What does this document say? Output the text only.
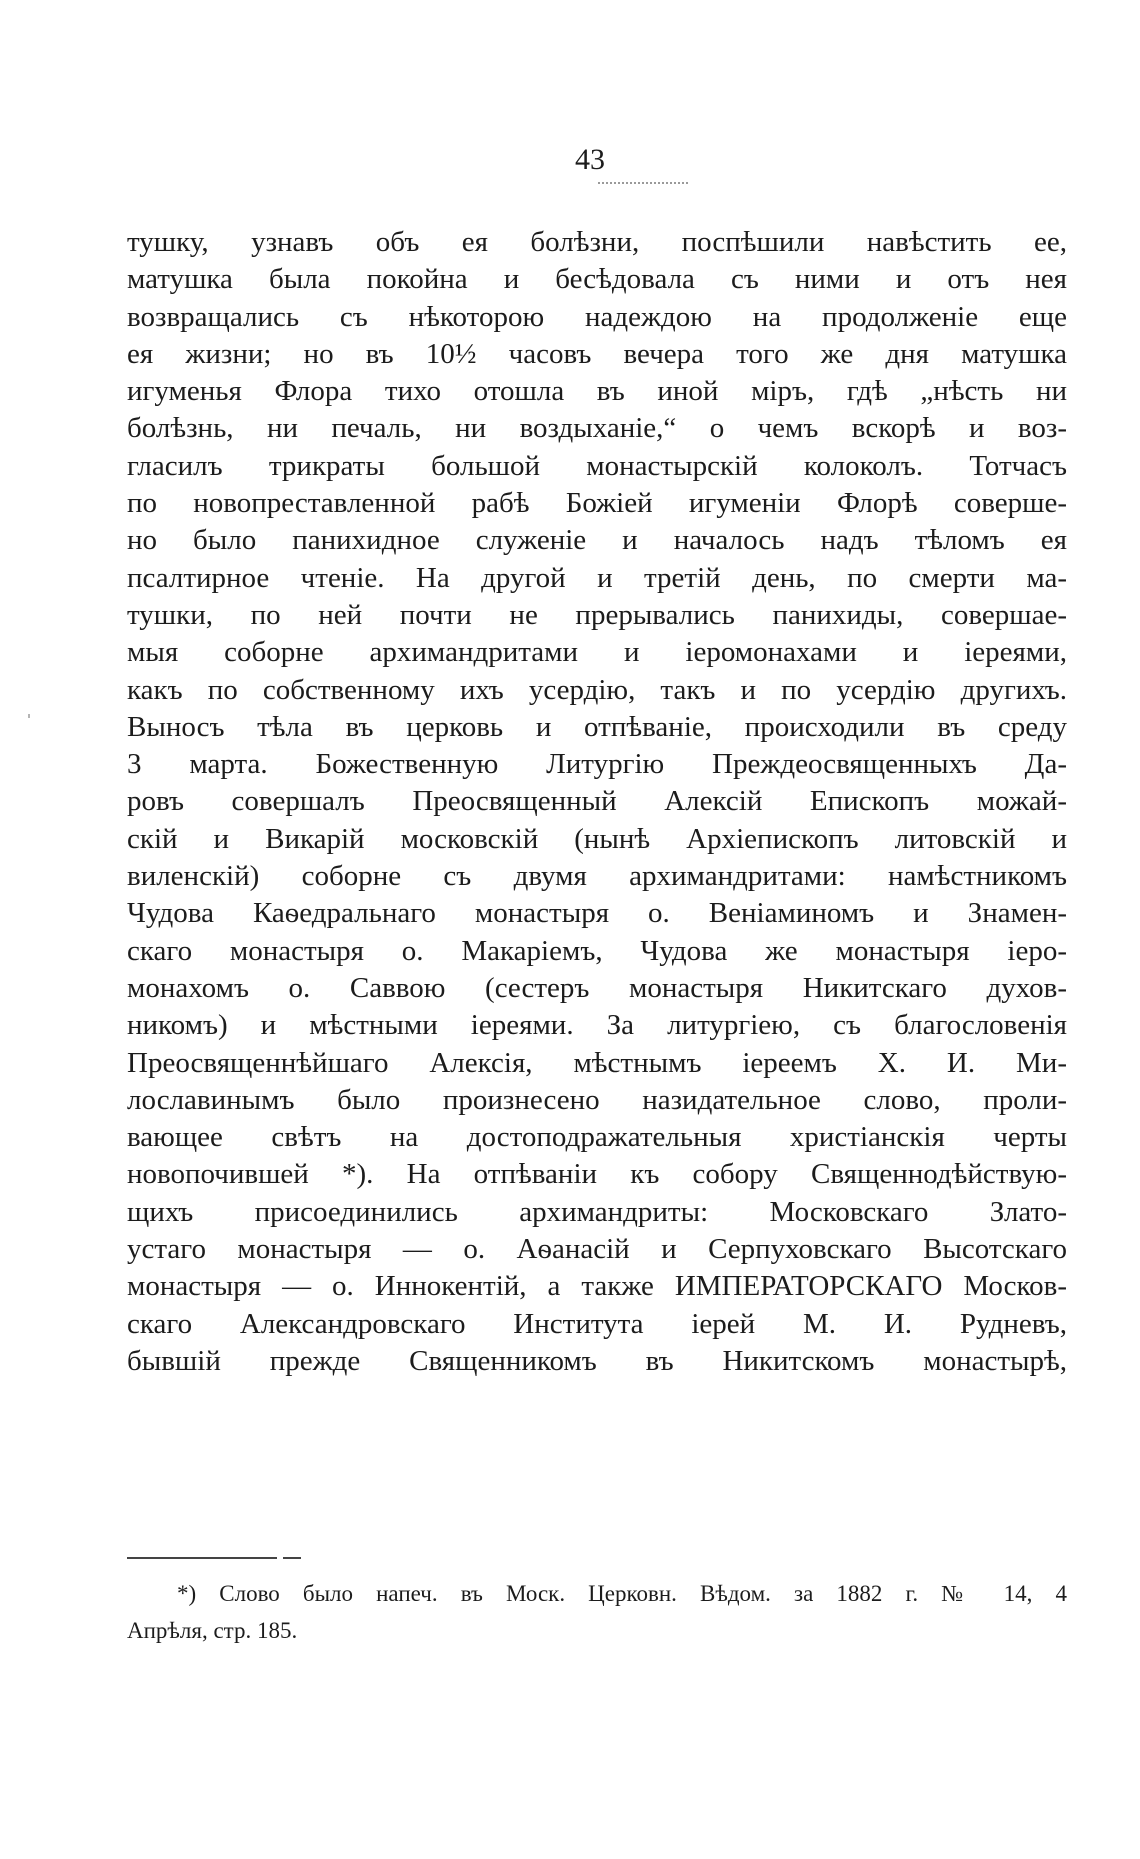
43
тушку, узнавъ объ ея болѣзни, поспѣшили навѣстить ее,
матушка была покойна и бесѣдовала съ ними и отъ нея
возвращались съ нѣкоторою надеждою на продолженіе еще
ея жизни; но въ 10½ часовъ вечера того же дня матушка
игуменья Флора тихо отошла въ иной міръ, гдѣ „нѣсть ни
болѣзнь, ни печаль, ни воздыханіе,“ о чемъ вскорѣ и воз-
гласилъ трикраты большой монастырскій колоколъ. Тотчасъ
по новопреставленной рабѣ Божіей игуменіи Флорѣ соверше-
но было панихидное служеніе и началось надъ тѣломъ ея
псалтирное чтеніе. На другой и третій день, по смерти ма-
тушки, по ней почти не прерывались панихиды, совершае-
мыя соборне архимандритами и іеромонахами и іереями,
какъ по собственному ихъ усердію, такъ и по усердію другихъ.
Выносъ тѣла въ церковь и отпѣваніе, происходили въ среду
3 марта. Божественную Литургію Преждеосвященныхъ Да-
ровъ совершалъ Преосвященный Алексій Епископъ можай-
скій и Викарій московскій (нынѣ Архіепископъ литовскій и
виленскій) соборне съ двумя архимандритами: намѣстникомъ
Чудова Каѳедральнаго монастыря о. Веніаминомъ и Знамен-
скаго монастыря о. Макаріемъ, Чудова же монастыря іеро-
монахомъ о. Саввою (сестеръ монастыря Никитскаго духов-
никомъ) и мѣстными іереями. За литургіею, съ благословенія
Преосвященнѣйшаго Алексія, мѣстнымъ іереемъ Х. И. Ми-
лославинымъ было произнесено назидательное слово, проли-
вающее свѣтъ на достоподражательныя христіанскія черты
новопочившей *). На отпѣваніи къ собору Священнодѣйствую-
щихъ присоединились архимандриты: Московскаго Злато-
устаго монастыря — о. Аѳанасій и Серпуховскаго Высотскаго
монастыря — о. Иннокентій, а также ИМПЕРАТОРСКАГО Москов-
скаго Александровскаго Института іерей М. И. Рудневъ,
бывшій прежде Священникомъ въ Никитскомъ монастырѣ,
*) Слово было напеч. въ Моск. Церковн. Вѣдом. за 1882 г. № 14, 4
Апрѣля, стр. 185.
